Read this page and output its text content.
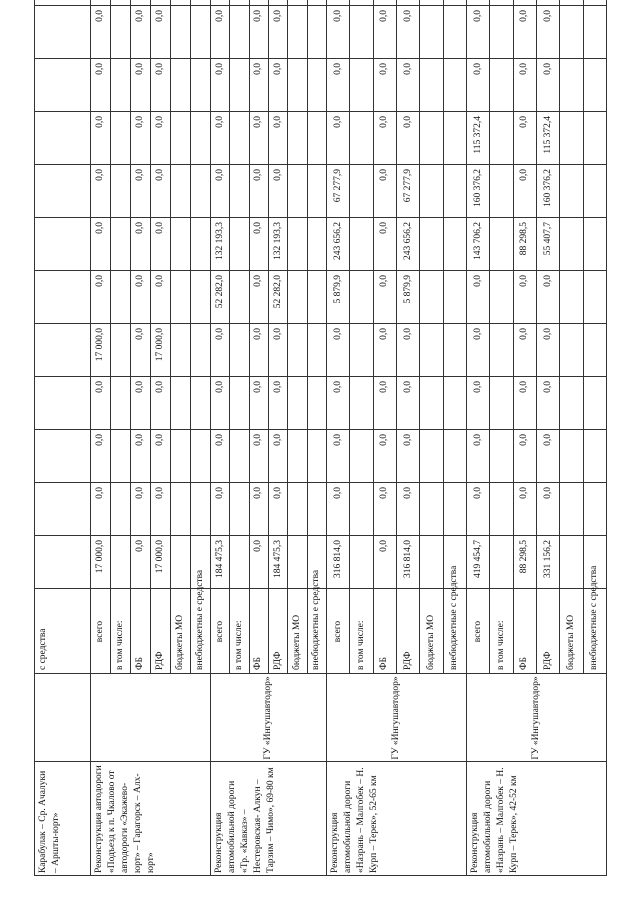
с средства
Карабулак – Ср. Ачалуки – Аршты-юрт»	Реконструкция автодороги «Подъезд к п. Чкалово от автодороги «Экажево- юрт» – Гарагорск – Алх- юрт»
всего
17 000,0
0,0
0,0
0,0
17 000,0
0,0
0,0
0,0
0,0
0,0
0,0
в том числе: ФБ
0,0
0,0
0,0
0,0
0,0
0,0
0,0
0,0
0,0
0,0
0,0
РДФ
17 000,0
0,0
0,0
0,0
17 000,0
0,0
0,0
0,0
0,0
0,0
0,0
бюджеты МО внебюджетны е средства
Реконструкция автомобильной дороги «Тр. «Кавказ» – Нестеровская- Алкун – Тарзим – Чимо», 69-80 км
ГУ «Ингушавтодор»
всего
184 475,3
0,0
0,0
0,0
0,0
52 282,0
132 193,3
0,0
0,0
0,0
0,0
в том числе: ФБ
0,0
0,0
0,0
0,0
0,0
0,0
0,0
0,0
0,0
0,0
0,0
РДФ
184 475,3
0,0
0,0
0,0
0,0
52 282,0
132 193,3
0,0
0,0
0,0
0,0
бюджеты МО внебюджетны е средства
Реконструкция автомобильной дороги «Назрань – Малгобек – Н. Курп – Терек», 52-65 км
ГУ «Ингушавтодор»
всего
316 814,0
0,0
0,0
0,0
0,0
5 879,9
243 656,2
67 277,9
0,0
0,0
0,0
в том числе: ФБ
0,0
0,0
0,0
0,0
0,0
0,0
0,0
0,0
0,0
0,0
0,0
РДФ
316 814,0
0,0
0,0
0,0
0,0
5 879,9
243 656,2
67 277,9
0,0
0,0
0,0
бюджеты МО внебюджетные с средства
Реконструкция автомобильной дороги «Назрань – Малгобек – Н. Курп – Терек», 42-52 км
ГУ «Ингушавтодор»
всего
419 454,7
0,0
0,0
0,0
0,0
0,0
143 706,2
160 376,2
115 372,4
0,0
0,0
в том числе: ФБ
88 298,5
0,0
0,0
0,0
0,0
0,0
88 298,5
0,0
0,0
0,0
0,0
РДФ
331 156,2
0,0
0,0
0,0
0,0
0,0
55 407,7
160 376,2
115 372,4
0,0
0,0
бюджеты МО внебюджетные с средства
